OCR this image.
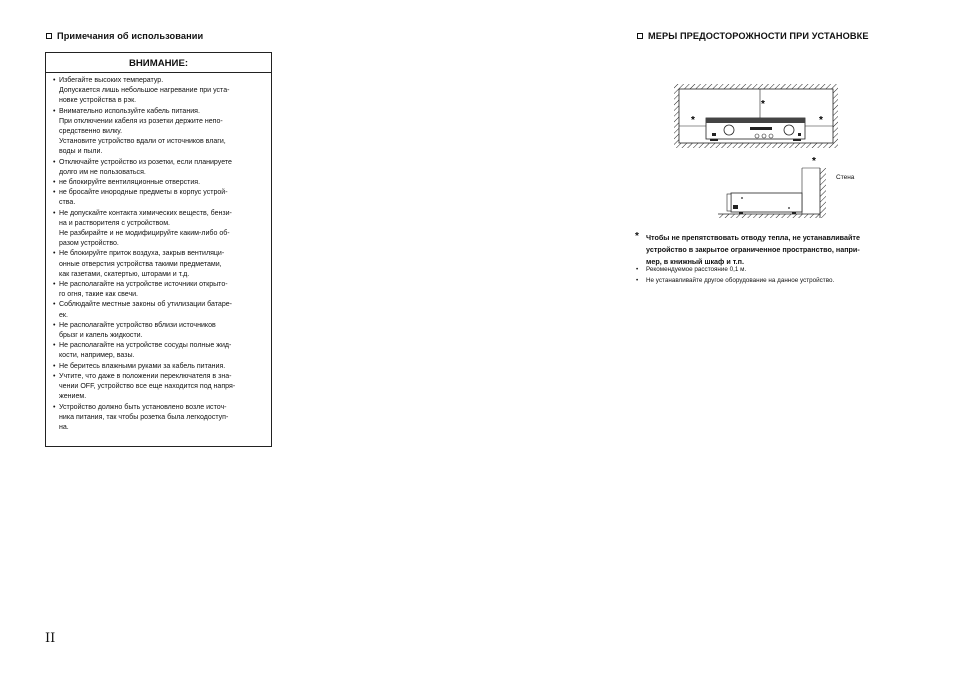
Примечания об использовании	МЕРЫ ПРЕДОСТОРОЖНОСТИ ПРИ УСТАНОВКЕ

ВНИМАНИЕ:

• Избегайте высоких температур.
Допускается лишь небольшое нагревание при уста-
новке устройства в рэк.
• Внимательно используйте кабель питания.
При отключении кабеля из розетки держите непо-
средственно вилку.
Установите устройство вдали от источников влаги,
воды и пыли.
• Отключайте устройство из розетки, если планируете
долго им не пользоваться.
• не блокируйте вентиляционные отверстия.
• не бросайте инородные предметы в корпус устрой-
ства.
• Не допускайте контакта химических веществ, бензи-
на и растворителя с устройством.
Не разбирайте и не модифицируйте каким-либо об-
разом устройство.
• Не блокируйте приток воздуха, закрыв вентиляци-
онные отверстия устройства такими предметами,
как газетами, скатертью, шторами и т.д.
• Не располагайте на устройстве источники открыто-
го огня, такие как свечи.
• Соблюдайте местные законы об утилизации батаре-
ек.
• Не располагайте устройство вблизи источников
брызг и капель жидкости.
• Не располагайте на устройстве сосуды полные жид-
кости, например, вазы.
• Не беритесь влажными руками за кабель питания.
• Учтите, что даже в положении переключателя в зна-
чении OFF, устройство все еще находится под напря-
жением.
• Устройство должно быть установлено возле источ-
ника питания, так чтобы розетка была легкодоступ-
на.
*
*	*
*
Стена
* Чтобы не препятствовать отводу тепла, не устанавливайте
устройство в закрытое ограниченное пространство, напри-
мер, в книжный шкаф и т.п.
• Рекомендуемое расстояние 0,1 м.
• Не устанавливайте другое оборудование на данное устройство.
II
